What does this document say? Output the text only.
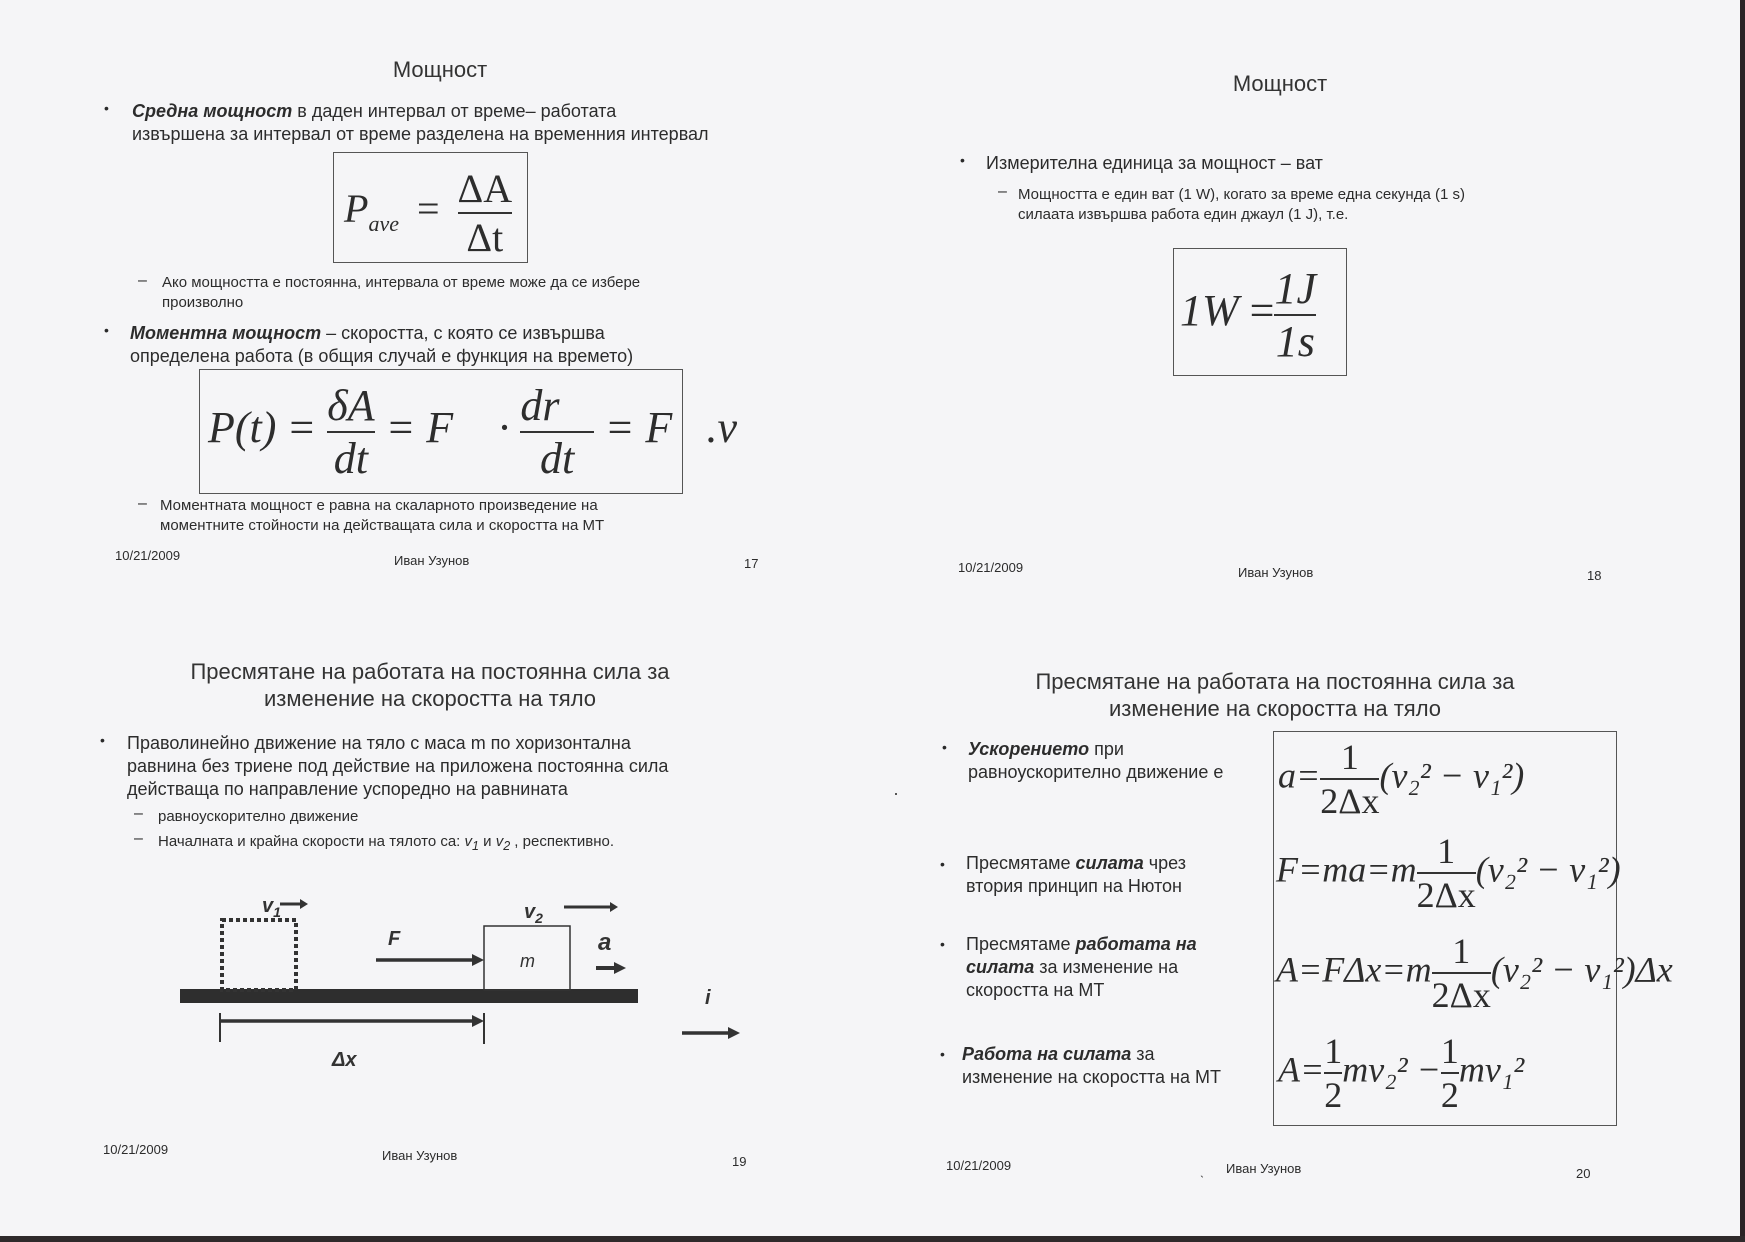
Мощност
• Средна мощност в даден интервал от време– работата
извършена за интервал от време разделена на временния интервал
$P_{ave} = \frac{\Delta A}{\Delta t}$
– Ако мощността е постоянна, интервала от време може да се избере
произволно
• Моментна мощност – скоростта, с която се извършва
определена работа (в общия случай е функция на времето)
$P(t) = \frac{\delta A}{dt}$ = F⃗ · $\frac{dr⃗}{dt}$ = F⃗.v⃗
– Моментната мощност е равна на скаларното произведение на
моментните стойности на действащата сила и скоростта на МТ
10/21/2009	Иван Узунов	17
Мощност
• Измерителна единица за мощност – ват
– Мощността е един ват (1 W), когато за време една секунда (1 s)
силаата извършва работа един джаул (1 J), т.е.
$1W = \frac{1J}{1s}$
10/21/2009	Иван Узунов	18
Пресмятане на работата на постоянна сила за
изменение на скоростта на тяло
• Праволинейно движение на тяло с маса m по хоризонтална
равнина без триене под действие на приложена постоянна сила
действаща по направление успоредно на равнината
– равноускорително движение
– Началната и крайна скорости на тялото са: $v_1$ и $v_2$ , респективно.
m
$v_1$	$v_2$
F	a
Δx
i
10/21/2009	Иван Узунов	19
Пресмятане на работата на постоянна сила за
изменение на скоростта на тяло
• Ускорението при
равноускорително движение е	$a= \frac{1}{2\Delta x} (v_2^2 - v_1^2)$
• Пресмятаме силата чрез
втория принцип на Нютон	$F=ma=m \frac{1}{2\Delta x} (v_2^2 - v_1^2)$
• Пресмятаме работата на
силата за изменение на
скоростта на МТ
$A=F\Delta x=m \frac{1}{2\Delta x} (v_2^2 - v_1^2)\Delta x$
• Работа на силата за
изменение на скоростта на МТ	$A= \frac{1}{2} mv_2^2 - \frac{1}{2} mv_1^2$
10/21/2009	ˎ Иван Узунов	20
